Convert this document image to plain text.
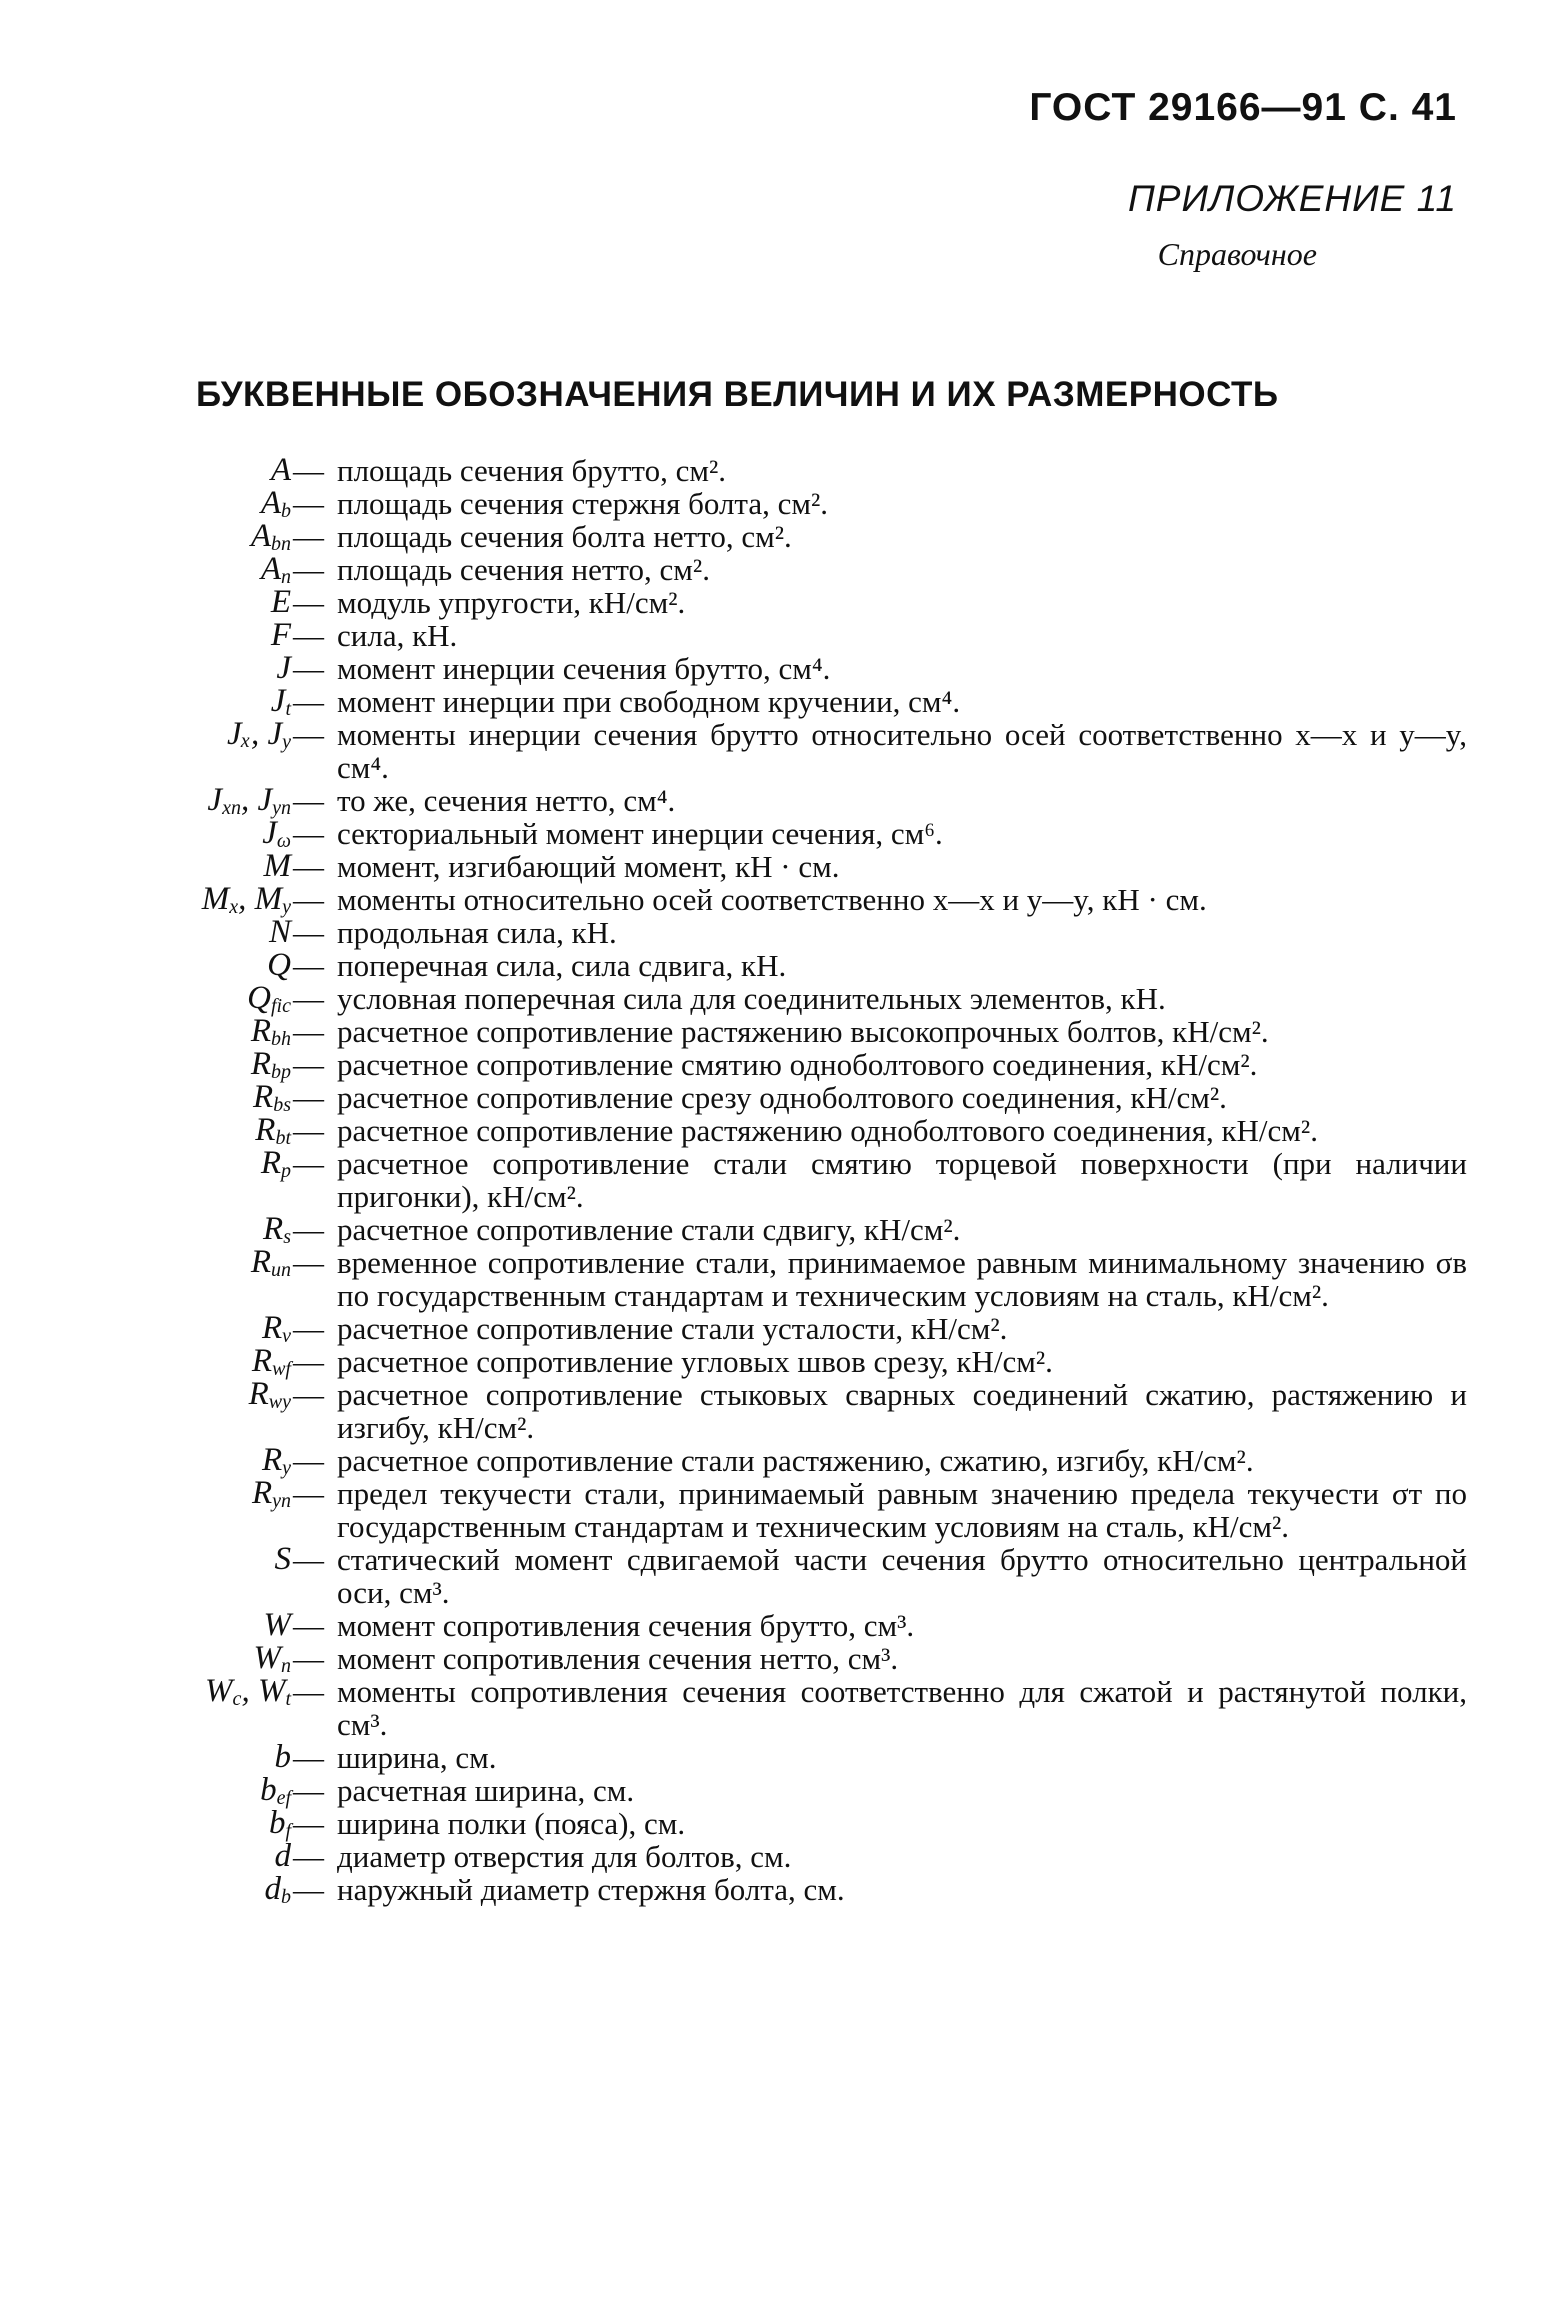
ГОСТ 29166—91 С. 41
ПРИЛОЖЕНИЕ 11
Справочное
БУКВЕННЫЕ ОБОЗНАЧЕНИЯ ВЕЛИЧИН И ИХ РАЗМЕРНОСТЬ
A — площадь сечения брутто, см².
$A_b$ — площадь сечения стержня болта, см².
$A_{bn}$ — площадь сечения болта нетто, см².
$A_n$ — площадь сечения нетто, см².
E — модуль упругости, кН/см².
F — сила, кН.
J — момент инерции сечения брутто, см⁴.
$J_t$ — момент инерции при свободном кручении, см⁴.
Jₓ, $J_y$ — моменты инерции сечения брутто относительно осей соответственно x—x и y—y, см⁴.
$J_{xn}$, $J_{yn}$ — то же, сечения нетто, см⁴.
$J_\omega$ — секториальный момент инерции сечения, см⁶.
M — момент, изгибающий момент, кН · см.
$M_x$, $M_y$ — моменты относительно осей соответственно x—x и y—y, кН · см.
N — продольная сила, кН.
Q — поперечная сила, сила сдвига, кН.
$Q_{fic}$ — условная поперечная сила для соединительных элементов, кН.
$R_{bh}$ — расчетное сопротивление растяжению высокопрочных болтов, кН/см².
$R_{bp}$ — расчетное сопротивление смятию одноболтового соединения, кН/см².
$R_{bs}$ — расчетное сопротивление срезу одноболтового соединения, кН/см².
$R_{bt}$ — расчетное сопротивление растяжению одноболтового соединения, кН/см².
$R_p$ — расчетное сопротивление стали смятию торцевой поверхности (при наличии пригонки), кН/см².
$R_s$ — расчетное сопротивление стали сдвигу, кН/см².
$R_{un}$ — временное сопротивление стали, принимаемое равным минимальному значению σв по государственным стандартам и техническим условиям на сталь, кН/см².
$R_v$ — расчетное сопротивление стали усталости, кН/см².
$R_{wf}$ — расчетное сопротивление угловых швов срезу, кН/см².
$R_{wy}$ — расчетное сопротивление стыковых сварных соединений сжатию, растяжению и изгибу, кН/см².
$R_y$ — расчетное сопротивление стали растяжению, сжатию, изгибу, кН/см².
$R_{yn}$ — предел текучести стали, принимаемый равным значению предела текучести σт по государственным стандартам и техническим условиям на сталь, кН/см².
S — статический момент сдвигаемой части сечения брутто относительно центральной оси, см³.
W — момент сопротивления сечения брутто, см³.
$W_n$ — момент сопротивления сечения нетто, см³.
$W_c$, $W_t$ — моменты сопротивления сечения соответственно для сжатой и растянутой полки, см³.
b — ширина, см.
$b_{ef}$ — расчетная ширина, см.
$b_f$ — ширина полки (пояса), см.
d — диаметр отверстия для болтов, см.
$d_b$ — наружный диаметр стержня болта, см.
